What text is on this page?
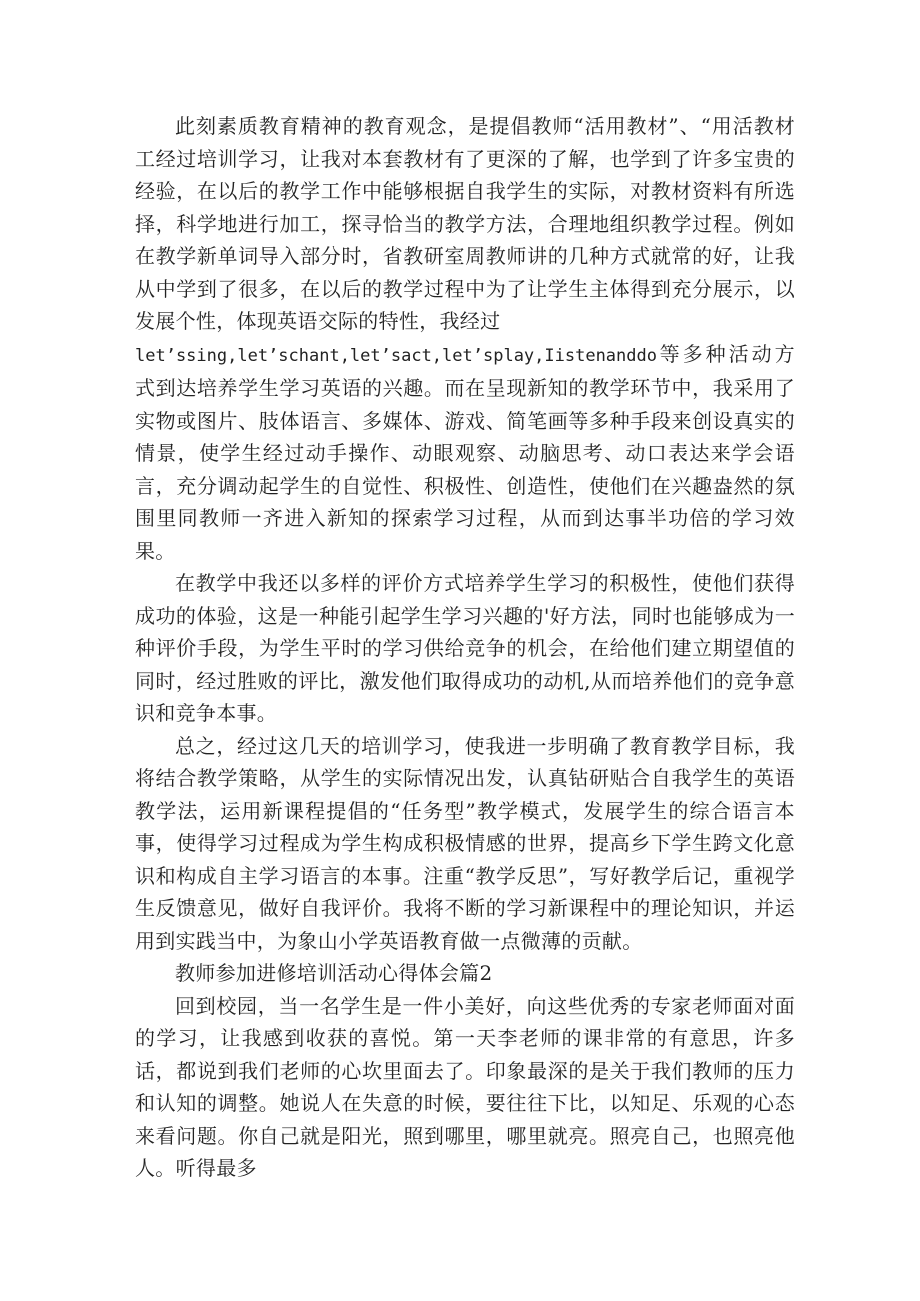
此刻素质教育精神的教育观念，是提倡教师“活用教材”、“用活教材工经过培训学习，让我对本套教材有了更深的了解，也学到了许多宝贵的经验，在以后的教学工作中能够根据自我学生的实际，对教材资料有所选择，科学地进行加工，探寻恰当的教学方法，合理地组织教学过程。例如在教学新单词导入部分时，省教研室周教师讲的几种方式就常的好，让我从中学到了很多，在以后的教学过程中为了让学生主体得到充分展示，以发展个性，体现英语交际的特性，我经过
let’ssing,let’schant,let’sact,let’splay,Iistenanddo等多种活动方式到达培养学生学习英语的兴趣。而在呈现新知的教学环节中，我采用了实物或图片、肢体语言、多媒体、游戏、简笔画等多种手段来创设真实的情景，使学生经过动手操作、动眼观察、动脑思考、动口表达来学会语言，充分调动起学生的自觉性、积极性、创造性，使他们在兴趣盎然的氛围里同教师一齐进入新知的探索学习过程，从而到达事半功倍的学习效果。

在教学中我还以多样的评价方式培养学生学习的积极性，使他们获得成功的体验，这是一种能引起学生学习兴趣的'好方法，同时也能够成为一种评价手段，为学生平时的学习供给竞争的机会，在给他们建立期望值的同时，经过胜败的评比，激发他们取得成功的动机,从而培养他们的竞争意识和竞争本事。

总之，经过这几天的培训学习，使我进一步明确了教育教学目标，我将结合教学策略，从学生的实际情况出发，认真钻研贴合自我学生的英语教学法，运用新课程提倡的“任务型”教学模式，发展学生的综合语言本事，使得学习过程成为学生构成积极情感的世界，提高乡下学生跨文化意识和构成自主学习语言的本事。注重“教学反思”，写好教学后记，重视学生反馈意见，做好自我评价。我将不断的学习新课程中的理论知识，并运用到实践当中，为象山小学英语教育做一点微薄的贡献。

教师参加进修培训活动心得体会篇2

回到校园，当一名学生是一件小美好，向这些优秀的专家老师面对面的学习，让我感到收获的喜悦。第一天李老师的课非常的有意思，许多话，都说到我们老师的心坎里面去了。印象最深的是关于我们教师的压力和认知的调整。她说人在失意的时候，要往往下比，以知足、乐观的心态来看问题。你自己就是阳光，照到哪里，哪里就亮。照亮自己，也照亮他人。听得最多
